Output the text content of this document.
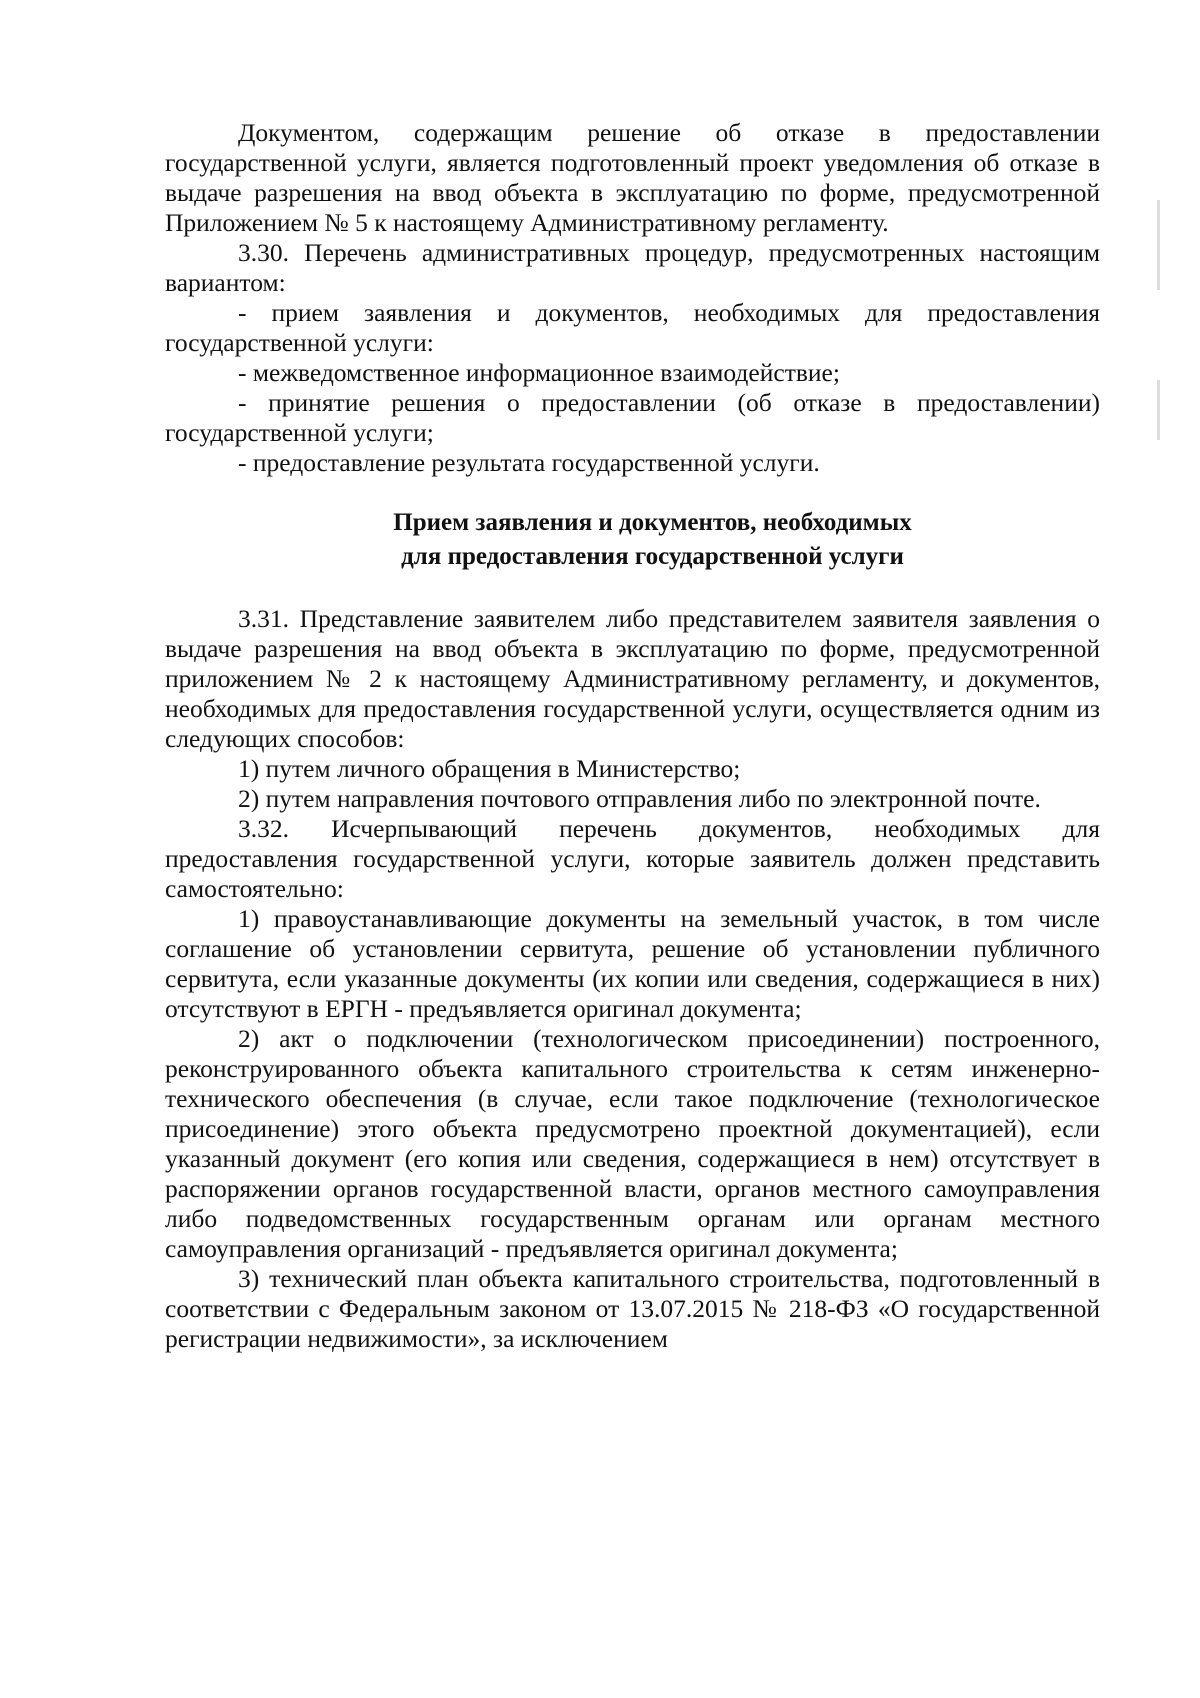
Документом, содержащим решение об отказе в предоставлении государственной услуги, является подготовленный проект уведомления об отказе в выдаче разрешения на ввод объекта в эксплуатацию по форме, предусмотренной Приложением № 5 к настоящему Административному регламенту.

3.30. Перечень административных процедур, предусмотренных настоящим вариантом:

- прием заявления и документов, необходимых для предоставления государственной услуги:

- межведомственное информационное взаимодействие;

- принятие решения о предоставлении (об отказе в предоставлении) государственной услуги;

- предоставление результата государственной услуги.

Прием заявления и документов, необходимых
для предоставления государственной услуги

3.31. Представление заявителем либо представителем заявителя заявления о выдаче разрешения на ввод объекта в эксплуатацию по форме, предусмотренной приложением № 2 к настоящему Административному регламенту, и документов, необходимых для предоставления государственной услуги, осуществляется одним из следующих способов:

1) путем личного обращения в Министерство;

2) путем направления почтового отправления либо по электронной почте.

3.32. Исчерпывающий перечень документов, необходимых для предоставления государственной услуги, которые заявитель должен представить самостоятельно:

1) правоустанавливающие документы на земельный участок, в том числе соглашение об установлении сервитута, решение об установлении публичного сервитута, если указанные документы (их копии или сведения, содержащиеся в них) отсутствуют в ЕРГН - предъявляется оригинал документа;

2) акт о подключении (технологическом присоединении) построенного, реконструированного объекта капитального строительства к сетям инженерно-технического обеспечения (в случае, если такое подключение (технологическое присоединение) этого объекта предусмотрено проектной документацией), если указанный документ (его копия или сведения, содержащиеся в нем) отсутствует в распоряжении органов государственной власти, органов местного самоуправления либо подведомственных государственным органам или органам местного самоуправления организаций - предъявляется оригинал документа;

3) технический план объекта капитального строительства, подготовленный в соответствии с Федеральным законом от 13.07.2015 № 218-ФЗ «О государственной регистрации недвижимости», за исключением
